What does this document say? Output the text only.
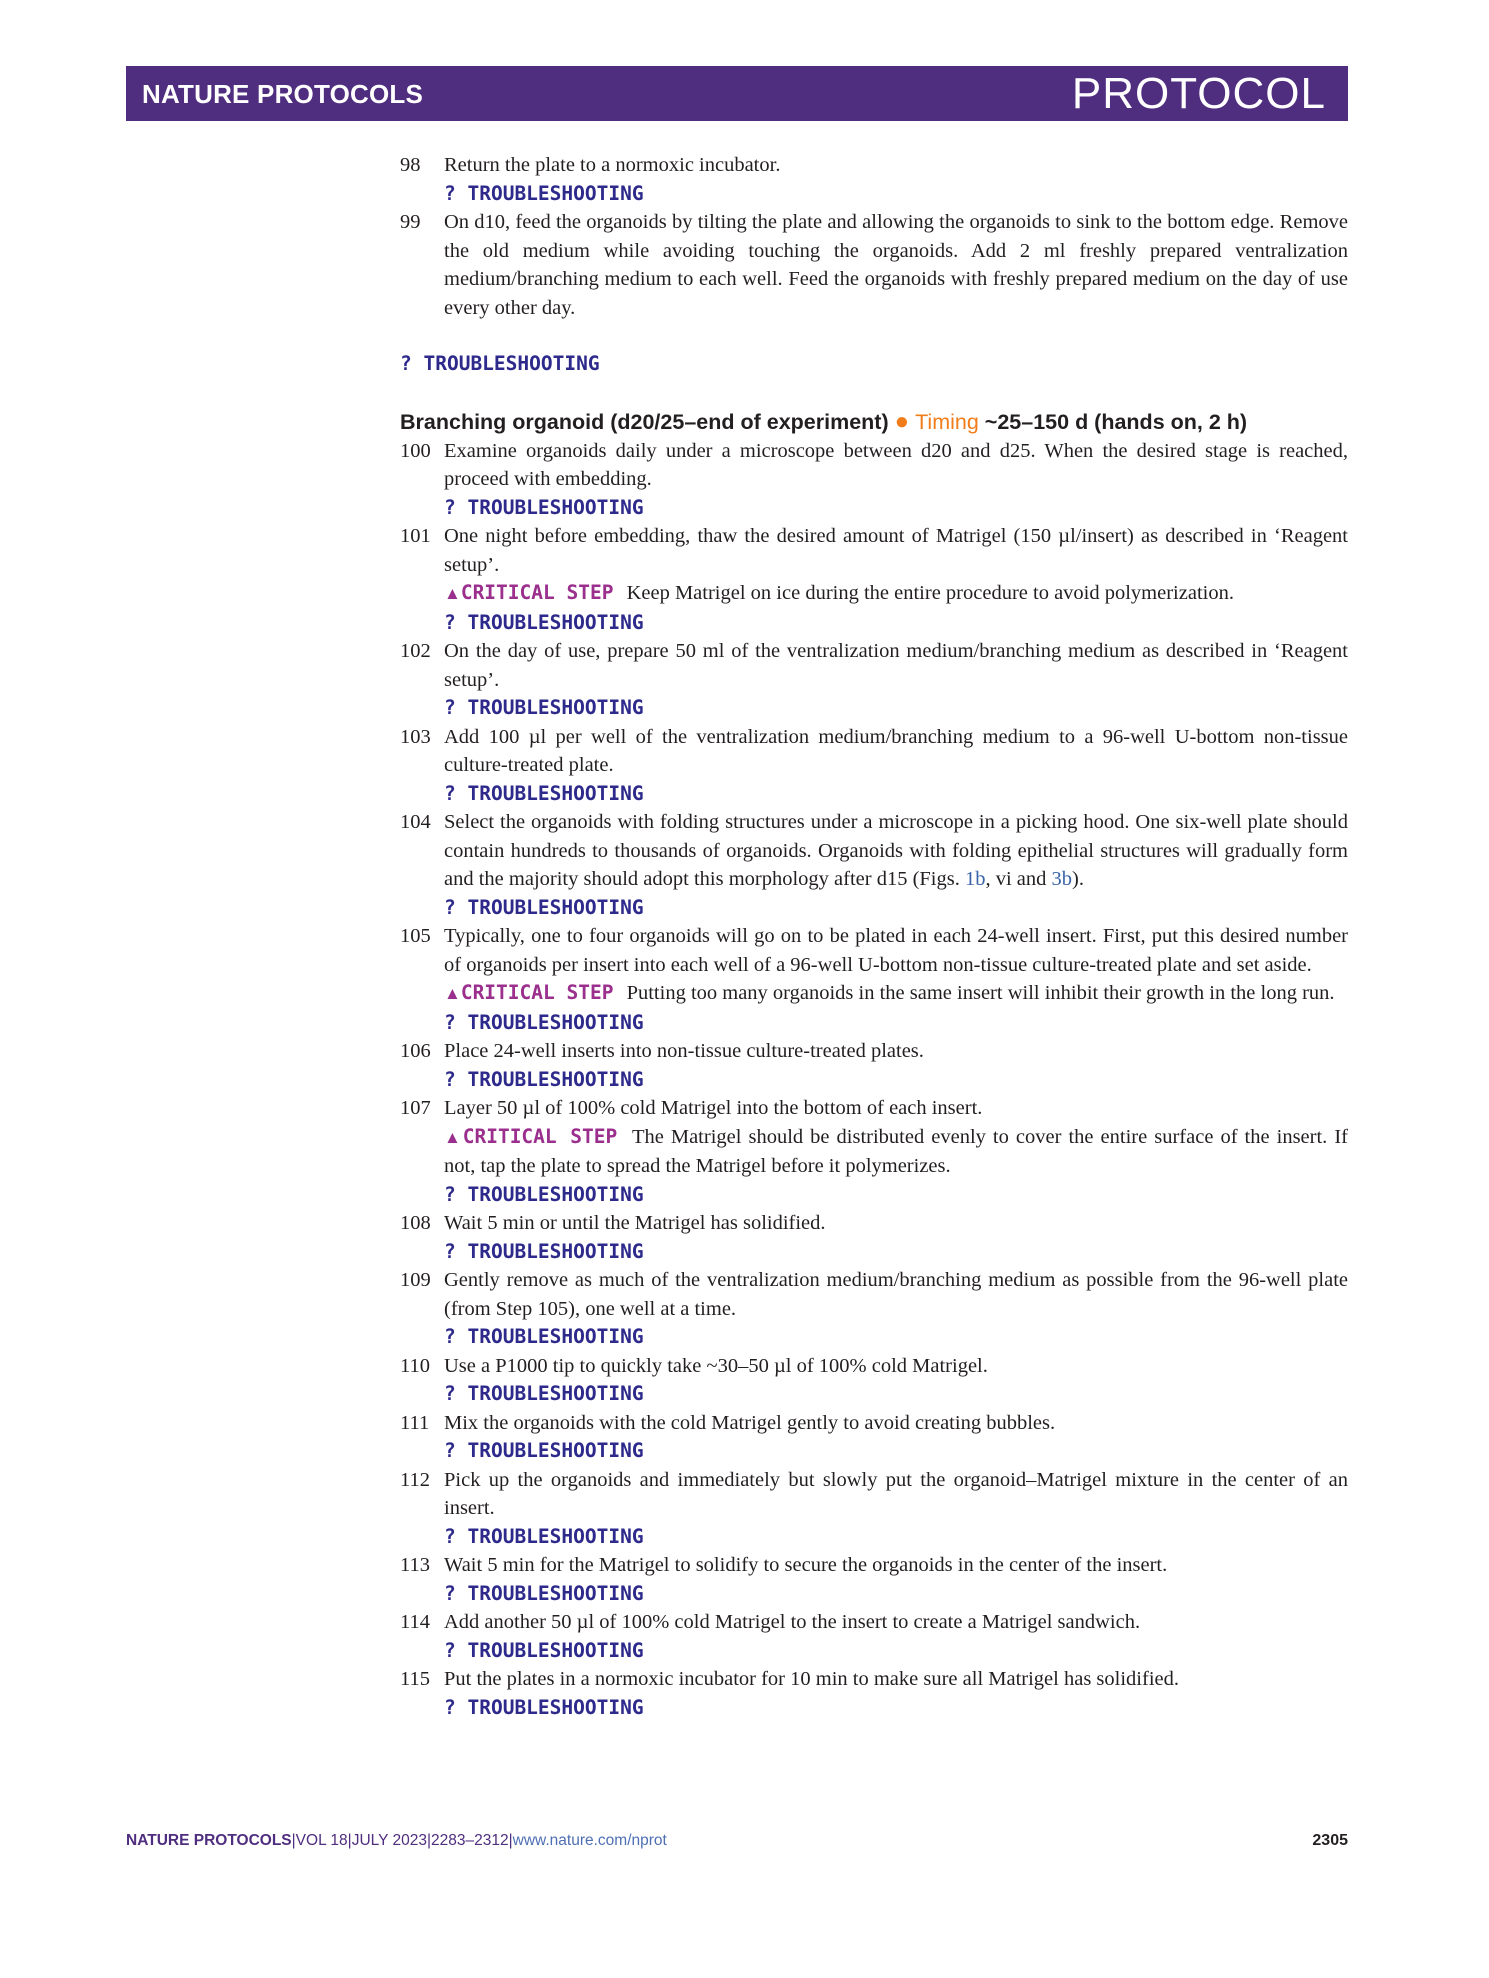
NATURE PROTOCOLS	PROTOCOL
98 Return the plate to a normoxic incubator.
? TROUBLESHOOTING
99 On d10, feed the organoids by tilting the plate and allowing the organoids to sink to the bottom edge. Remove the old medium while avoiding touching the organoids. Add 2 ml freshly prepared ventralization medium/branching medium to each well. Feed the organoids with freshly prepared medium on the day of use every other day.
? TROUBLESHOOTING
Branching organoid (d20/25–end of experiment) ● Timing ~25–150 d (hands on, 2 h)
100 Examine organoids daily under a microscope between d20 and d25. When the desired stage is reached, proceed with embedding.
? TROUBLESHOOTING
101 One night before embedding, thaw the desired amount of Matrigel (150 µl/insert) as described in ‘Reagent setup’.
▲CRITICAL STEP Keep Matrigel on ice during the entire procedure to avoid polymerization.
? TROUBLESHOOTING
102 On the day of use, prepare 50 ml of the ventralization medium/branching medium as described in ‘Reagent setup’.
? TROUBLESHOOTING
103 Add 100 µl per well of the ventralization medium/branching medium to a 96-well U-bottom non-tissue culture-treated plate.
? TROUBLESHOOTING
104 Select the organoids with folding structures under a microscope in a picking hood. One six-well plate should contain hundreds to thousands of organoids. Organoids with folding epithelial structures will gradually form and the majority should adopt this morphology after d15 (Figs. 1b, vi and 3b).
? TROUBLESHOOTING
105 Typically, one to four organoids will go on to be plated in each 24-well insert. First, put this desired number of organoids per insert into each well of a 96-well U-bottom non-tissue culture-treated plate and set aside.
▲CRITICAL STEP Putting too many organoids in the same insert will inhibit their growth in the long run.
? TROUBLESHOOTING
106 Place 24-well inserts into non-tissue culture-treated plates.
? TROUBLESHOOTING
107 Layer 50 µl of 100% cold Matrigel into the bottom of each insert.
▲CRITICAL STEP The Matrigel should be distributed evenly to cover the entire surface of the insert. If not, tap the plate to spread the Matrigel before it polymerizes.
? TROUBLESHOOTING
108 Wait 5 min or until the Matrigel has solidified.
? TROUBLESHOOTING
109 Gently remove as much of the ventralization medium/branching medium as possible from the 96-well plate (from Step 105), one well at a time.
? TROUBLESHOOTING
110 Use a P1000 tip to quickly take ~30–50 µl of 100% cold Matrigel.
? TROUBLESHOOTING
111 Mix the organoids with the cold Matrigel gently to avoid creating bubbles.
? TROUBLESHOOTING
112 Pick up the organoids and immediately but slowly put the organoid–Matrigel mixture in the center of an insert.
? TROUBLESHOOTING
113 Wait 5 min for the Matrigel to solidify to secure the organoids in the center of the insert.
? TROUBLESHOOTING
114 Add another 50 µl of 100% cold Matrigel to the insert to create a Matrigel sandwich.
? TROUBLESHOOTING
115 Put the plates in a normoxic incubator for 10 min to make sure all Matrigel has solidified.
? TROUBLESHOOTING
NATURE PROTOCOLS|VOL 18|JULY 2023|2283–2312|www.nature.com/nprot	2305
